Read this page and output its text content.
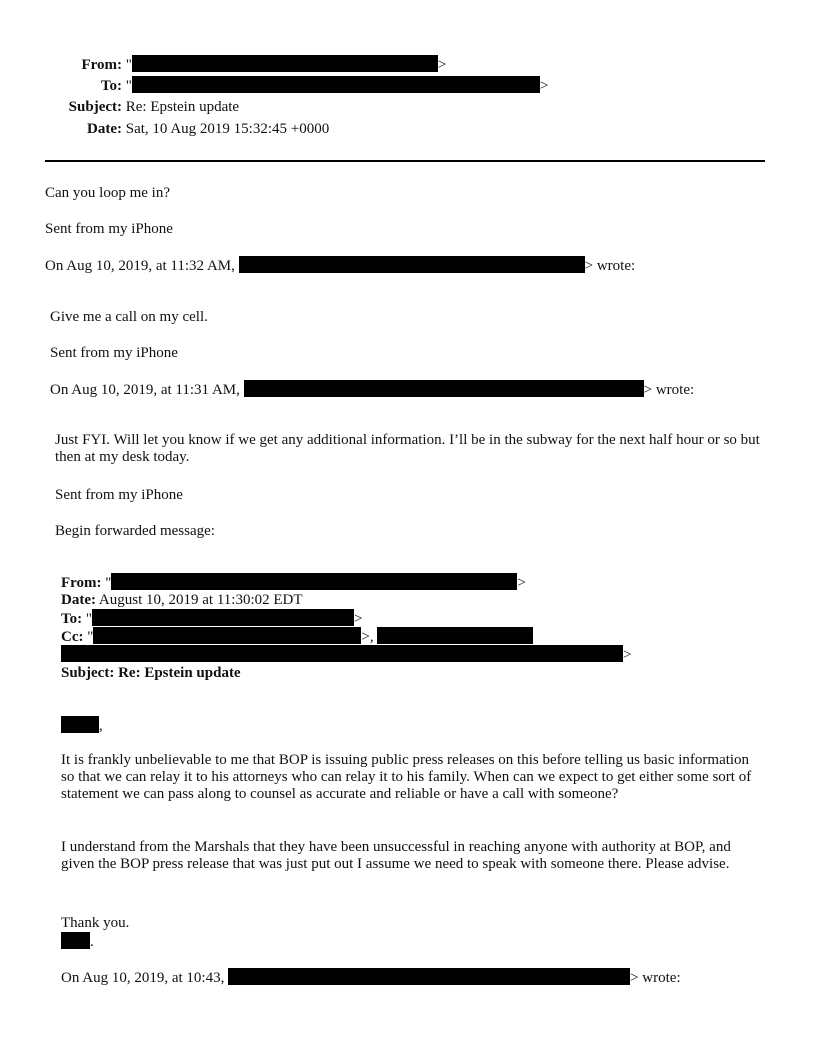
From: "	>
To: "	>
Subject: Re: Epstein update
Date: Sat, 10 Aug 2019 15:32:45 +0000
Can you loop me in?
Sent from my iPhone
On Aug 10, 2019, at 11:32 AM,	> wrote:
Give me a call on my cell.
Sent from my iPhone
On Aug 10, 2019, at 11:31 AM,	> wrote:
Just FYI. Will let you know if we get any additional information. I’ll be in the subway for the next half hour or so but then at my desk today.
Sent from my iPhone
Begin forwarded message:
From: "	>
Date: August 10, 2019 at 11:30:02 EDT
To: "	>
Cc: "	>,
>
Subject: Re: Epstein update
,
It is frankly unbelievable to me that BOP is issuing public press releases on this before telling us basic information so that we can relay it to his attorneys who can relay it to his family. When can we expect to get either some sort of statement we can pass along to counsel as accurate and reliable or have a call with someone?
I understand from the Marshals that they have been unsuccessful in reaching anyone with authority at BOP, and given the BOP press release that was just put out I assume we need to speak with someone there. Please advise.
Thank you.
.
On Aug 10, 2019, at 10:43,	> wrote:
